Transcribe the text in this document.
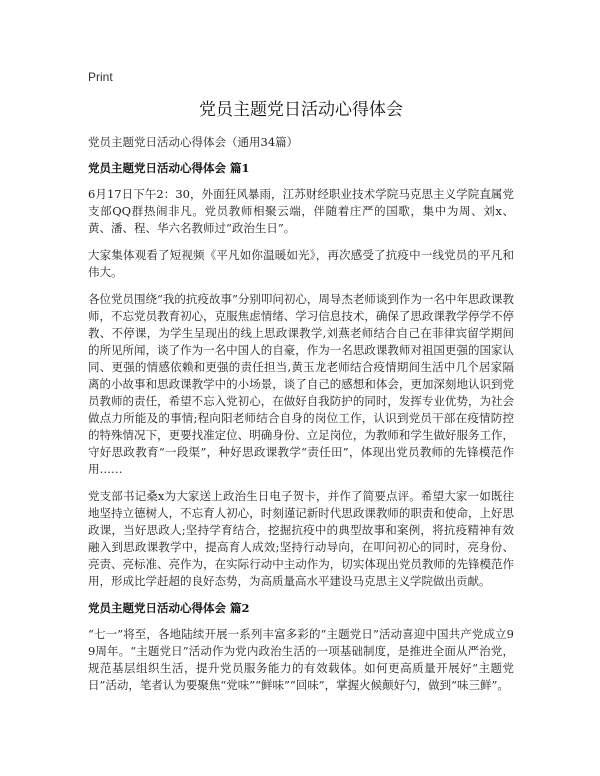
Print
党员主题党日活动心得体会

党员主题党日活动心得体会（通用34篇）

党员主题党日活动心得体会 篇1

6月17日下午2：30，外面狂风暴雨，江苏财经职业技术学院马克思主义学院直属党支部QQ群热闹非凡。党员教师相聚云端，伴随着庄严的国歌，集中为周、刘x、黄、潘、程、华六名教师过“政治生日”。

大家集体观看了短视频《平凡如你温暖如光》，再次感受了抗疫中一线党员的平凡和伟大。

各位党员围绕“我的抗疫故事”分别叩问初心，周导杰老师谈到作为一名中年思政课教师，不忘党员教育初心，克服焦虑情绪、学习信息技术，确保了思政课教学停学不停教、不停课，为学生呈现出的线上思政课教学,刘燕老师结合自己在菲律宾留学期间的所见所闻，谈了作为一名中国人的自豪，作为一名思政课教师对祖国更强的国家认同、更强的情感依赖和更强的责任担当,黄玉龙老师结合疫情期间生活中几个居家隔离的小故事和思政课教学中的小场景，谈了自己的感想和体会，更加深刻地认识到党员教师的责任，希望不忘入党初心，在做好自我防护的同时，发挥专业优势，为社会做点力所能及的事情;程向阳老师结合自身的岗位工作，认识到党员干部在疫情防控的特殊情况下，更要找准定位、明确身份、立足岗位，为教师和学生做好服务工作，守好思政教育“一段渠”，种好思政课教学“责任田”，体现出党员教师的先锋模范作用……

党支部书记桑x为大家送上政治生日电子贺卡，并作了简要点评。希望大家一如既往地坚持立德树人，不忘育人初心，时刻谨记新时代思政课教师的职责和使命，上好思政课，当好思政人;坚持学育结合，挖掘抗疫中的典型故事和案例，将抗疫精神有效融入到思政课教学中，提高育人成效;坚持行动导向，在叩问初心的同时，亮身份、亮责、亮标准、亮作为，在实际行动中主动作为，切实体现出党员教师的先锋模范作用，形成比学赶超的良好态势，为高质量高水平建设马克思主义学院做出贡献。

党员主题党日活动心得体会 篇2

“七一”将至，各地陆续开展一系列丰富多彩的“主题党日”活动喜迎中国共产党成立99周年。“主题党日”活动作为党内政治生活的一项基础制度，是推进全面从严治党，规范基层组织生活，提升党员服务能力的有效载体。如何更高质量开展好“主题党日”活动，笔者认为要聚焦“党味”“鲜味”“回味”，掌握火候颠好勺，做到“味三鲜”。
